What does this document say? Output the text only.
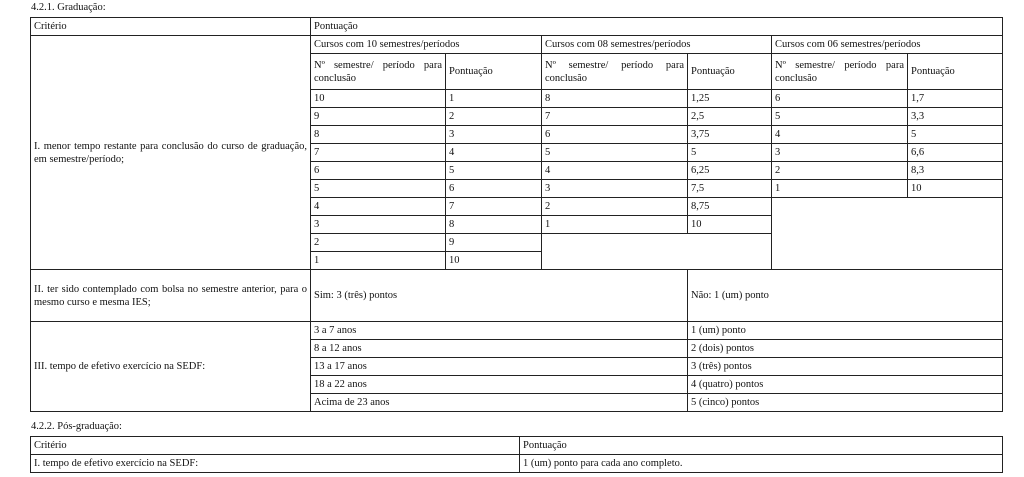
4.2.1. Graduação:
Critério	Pontuação					
I. menor tempo restante para conclusão do curso de graduação, em semestre/período;	Cursos com 10 semestres/períodos		Cursos com 08 semestres/períodos		Cursos com 06 semestres/períodos	
	Nº semestre/ período para conclusão	Pontuação	Nº semestre/ período para conclusão	Pontuação	Nº semestre/ período para conclusão	Pontuação
	10	1	8	1,25	6	1,7
	9	2	7	2,5	5	3,3
	8	3	6	3,75	4	5
	7	4	5	5	3	6,6
	6	5	4	6,25	2	8,3
	5	6	3	7,5	1	10
	4	7	2	8,75		
	3	8	1	10		
	2	9				
	1	10				
II. ter sido contemplado com bolsa no semestre anterior, para o mesmo curso e mesma IES;	Sim: 3 (três) pontos			Não: 1 (um) ponto		
III. tempo de efetivo exercício na SEDF:	3 a 7 anos			1 (um) ponto		
	8 a 12 anos			2 (dois) pontos		
	13 a 17 anos			3 (três) pontos		
	18 a 22 anos			4 (quatro) pontos		
	Acima de 23 anos			5 (cinco) pontos		
4.2.2. Pós-graduação:
Critério	Pontuação
I. tempo de efetivo exercício na SEDF:	1 (um) ponto para cada ano completo.
